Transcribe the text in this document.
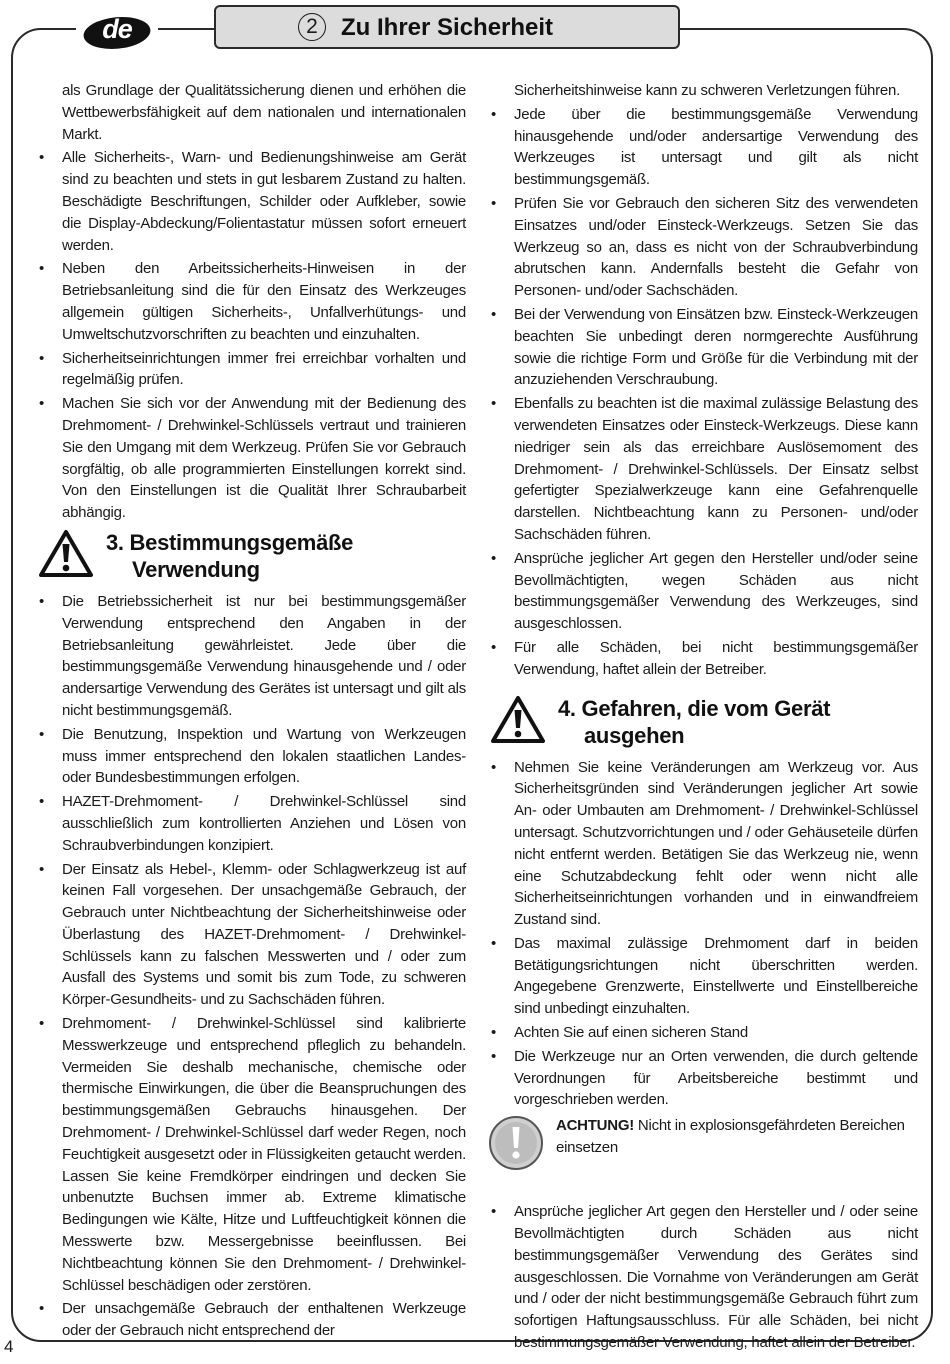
de	2 Zu Ihrer Sicherheit

als Grundlage der Qualitätssicherung dienen und erhöhen die Wettbewerbsfähigkeit auf dem nationalen und internationalen Markt.

• Alle Sicherheits-, Warn- und Bedienungshinweise am Gerät sind zu beachten und stets in gut lesbarem Zustand zu halten. Beschädigte Beschriftungen, Schilder oder Aufkleber, sowie die Display-Abdeckung/Folientastatur müssen sofort erneuert werden.
• Neben den Arbeitssicherheits-Hinweisen in der Betriebsanleitung sind die für den Einsatz des Werkzeuges allgemein gültigen Sicherheits-, Unfallverhütungs- und Umweltschutzvorschriften zu beachten und einzuhalten.
• Sicherheitseinrichtungen immer frei erreichbar vorhalten und regelmäßig prüfen.
• Machen Sie sich vor der Anwendung mit der Bedienung des Drehmoment- / Drehwinkel-Schlüssels vertraut und trainieren Sie den Umgang mit dem Werkzeug. Prüfen Sie vor Gebrauch sorgfältig, ob alle programmierten Einstellungen korrekt sind. Von den Einstellungen ist die Qualität Ihrer Schraubarbeit abhängig.
3. Bestimmungsgemäße
Verwendung
• Die Betriebssicherheit ist nur bei bestimmungsgemäßer Verwendung entsprechend den Angaben in der Betriebsanleitung gewährleistet. Jede über die bestimmungsgemäße Verwendung hinausgehende und / oder andersartige Verwendung des Gerätes ist untersagt und gilt als nicht bestimmungsgemäß.
• Die Benutzung, Inspektion und Wartung von Werkzeugen muss immer entsprechend den lokalen staatlichen Landes- oder Bundesbestimmungen erfolgen.
• HAZET-Drehmoment- / Drehwinkel-Schlüssel sind ausschließlich zum kontrollierten Anziehen und Lösen von Schraubverbindungen konzipiert.
• Der Einsatz als Hebel-, Klemm- oder Schlagwerkzeug ist auf keinen Fall vorgesehen. Der unsachgemäße Gebrauch, der Gebrauch unter Nichtbeachtung der Sicherheitshinweise oder Überlastung des HAZET-Drehmoment- / Drehwinkel-Schlüssels kann zu falschen Messwerten und / oder zum Ausfall des Systems und somit bis zum Tode, zu schweren Körper-Gesundheits- und zu Sachschäden führen.
• Drehmoment- / Drehwinkel-Schlüssel sind kalibrierte Messwerkzeuge und entsprechend pfleglich zu behandeln. Vermeiden Sie deshalb mechanische, chemische oder thermische Einwirkungen, die über die Beanspruchungen des bestimmungsgemäßen Gebrauchs hinausgehen. Der Drehmoment- / Drehwinkel-Schlüssel darf weder Regen, noch Feuchtigkeit ausgesetzt oder in Flüssigkeiten getaucht werden. Lassen Sie keine Fremdkörper eindringen und decken Sie unbenutzte Buchsen immer ab. Extreme klimatische Bedingungen wie Kälte, Hitze und Luftfeuchtigkeit können die Messwerte bzw. Messergebnisse beeinflussen. Bei Nichtbeachtung können Sie den Drehmoment- / Drehwinkel-Schlüssel beschädigen oder zerstören.
• Der unsachgemäße Gebrauch der enthaltenen Werkzeuge oder der Gebrauch nicht entsprechend der

Sicherheitshinweise kann zu schweren Verletzungen führen.

• Jede über die bestimmungsgemäße Verwendung hinausgehende und/oder andersartige Verwendung des Werkzeuges ist untersagt und gilt als nicht bestimmungsgemäß.
• Prüfen Sie vor Gebrauch den sicheren Sitz des verwendeten Einsatzes und/oder Einsteck-Werkzeugs. Setzen Sie das Werkzeug so an, dass es nicht von der Schraubverbindung abrutschen kann. Andernfalls besteht die Gefahr von Personen- und/oder Sachschäden.
• Bei der Verwendung von Einsätzen bzw. Einsteck-Werkzeugen beachten Sie unbedingt deren normgerechte Ausführung sowie die richtige Form und Größe für die Verbindung mit der anzuziehenden Verschraubung.
• Ebenfalls zu beachten ist die maximal zulässige Belastung des verwendeten Einsatzes oder Einsteck-Werkzeugs. Diese kann niedriger sein als das erreichbare Auslösemoment des Drehmoment- / Drehwinkel-Schlüssels. Der Einsatz selbst gefertigter Spezialwerkzeuge kann eine Gefahrenquelle darstellen. Nichtbeachtung kann zu Personen- und/oder Sachschäden führen.
• Ansprüche jeglicher Art gegen den Hersteller und/oder seine Bevollmächtigten, wegen Schäden aus nicht bestimmungsgemäßer Verwendung des Werkzeuges, sind ausgeschlossen.
• Für alle Schäden, bei nicht bestimmungsgemäßer Verwendung, haftet allein der Betreiber.
4. Gefahren, die vom Gerät
ausgehen
• Nehmen Sie keine Veränderungen am Werkzeug vor. Aus Sicherheitsgründen sind Veränderungen jeglicher Art sowie An- oder Umbauten am Drehmoment- / Drehwinkel-Schlüssel untersagt. Schutzvorrichtungen und / oder Gehäuseteile dürfen nicht entfernt werden. Betätigen Sie das Werkzeug nie, wenn eine Schutzabdeckung fehlt oder wenn nicht alle Sicherheitseinrichtungen vorhanden und in einwandfreiem Zustand sind.
• Das maximal zulässige Drehmoment darf in beiden Betätigungsrichtungen nicht überschritten werden. Angegebene Grenzwerte, Einstellwerte und Einstellbereiche sind unbedingt einzuhalten.
• Achten Sie auf einen sicheren Stand
• Die Werkzeuge nur an Orten verwenden, die durch geltende Verordnungen für Arbeitsbereiche bestimmt und vorgeschrieben werden.
ACHTUNG! Nicht in explosionsgefährdeten Bereichen einsetzen
• Ansprüche jeglicher Art gegen den Hersteller und / oder seine Bevollmächtigten durch Schäden aus nicht bestimmungsgemäßer Verwendung des Gerätes sind ausgeschlossen. Die Vornahme von Veränderungen am Gerät und / oder der nicht bestimmungsgemäße Gebrauch führt zum sofortigen Haftungsausschluss. Für alle Schäden, bei nicht bestimmungsgemäßer Verwendung, haftet allein der Betreiber.
4
